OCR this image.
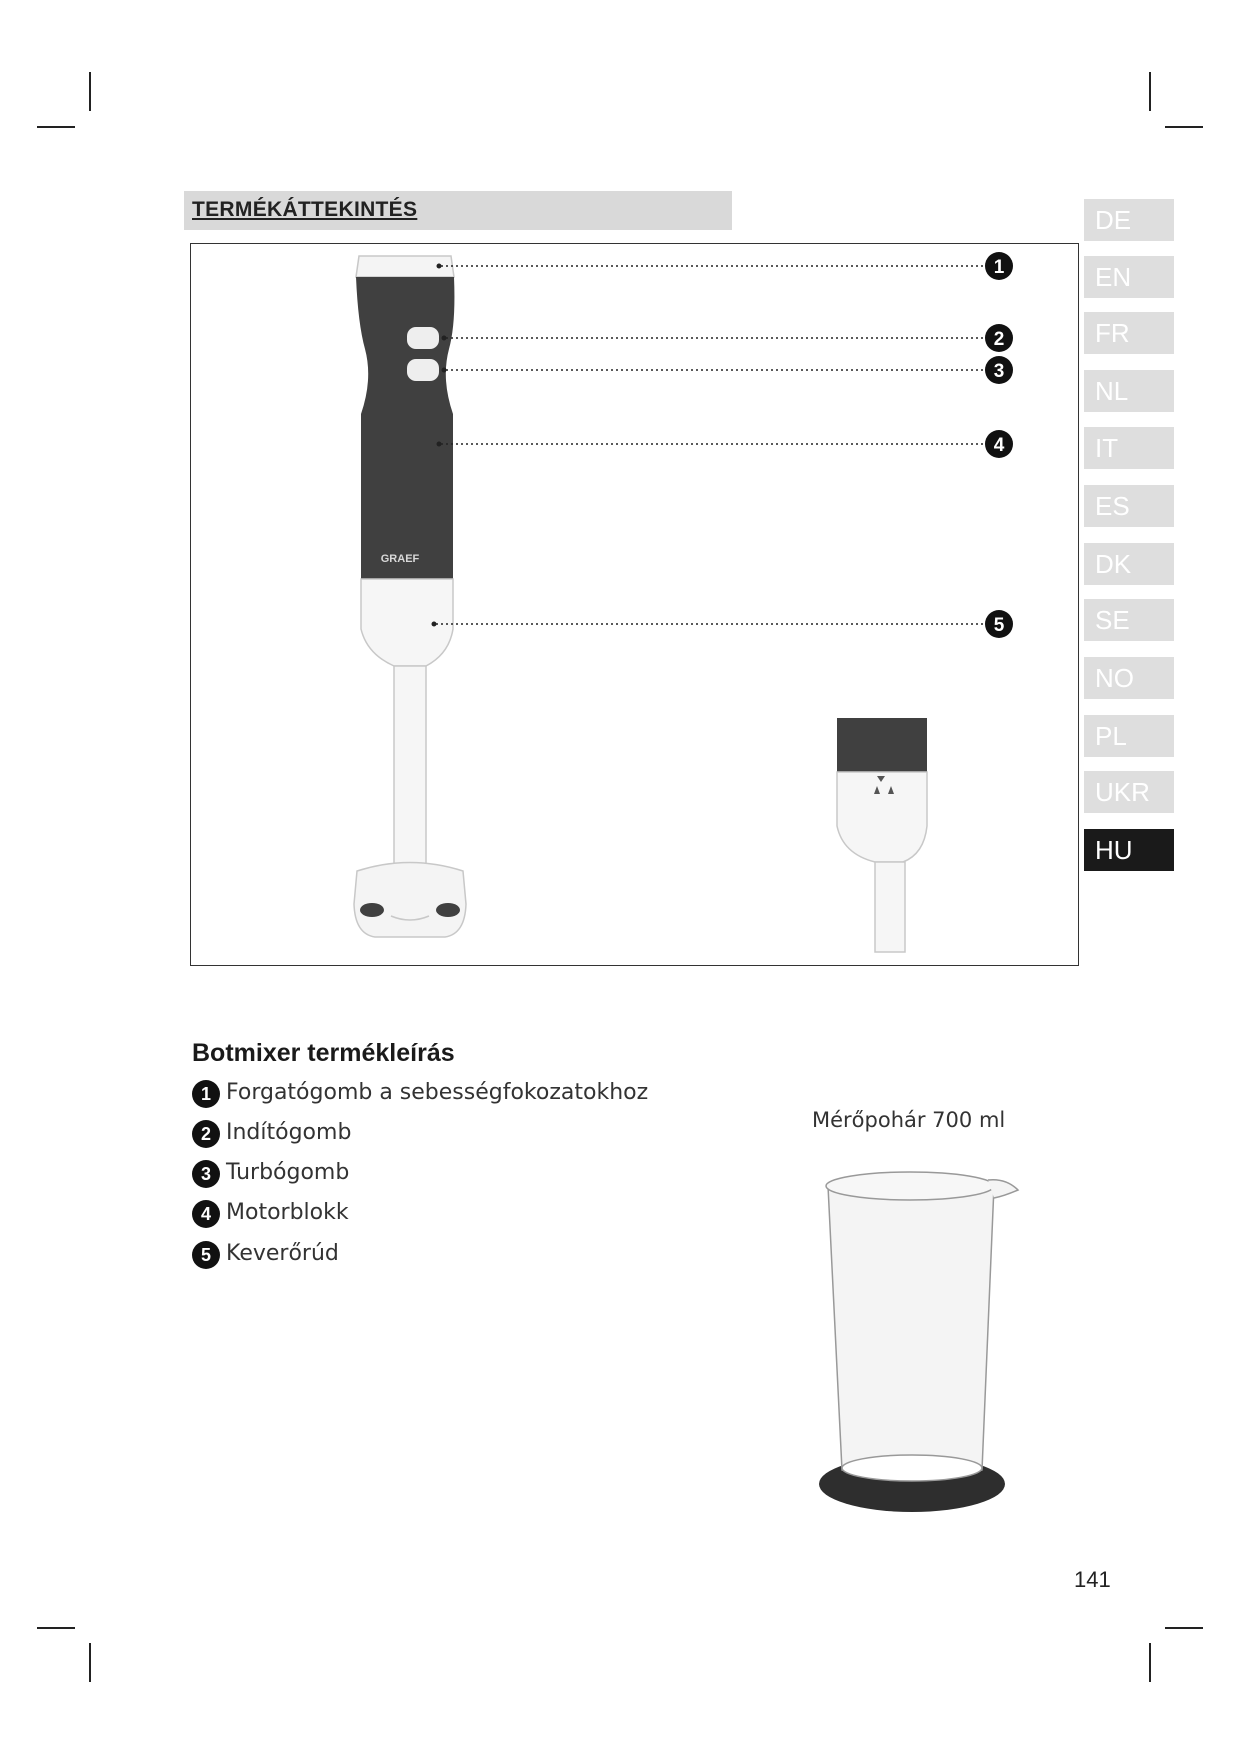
TERMÉKÁTTEKINTÉS	DE
EN
FR
NL
IT
ES
DK
SE
NO
PL
UKR
HU
GRAEF
1
2
3
4
5
Botmixer termékleírás
1 Forgatógomb a sebességfokozatokhoz
2 Indítógomb
3 Turbógomb
4 Motorblokk
5 Keverőrúd
Mérőpohár 700 ml
141
